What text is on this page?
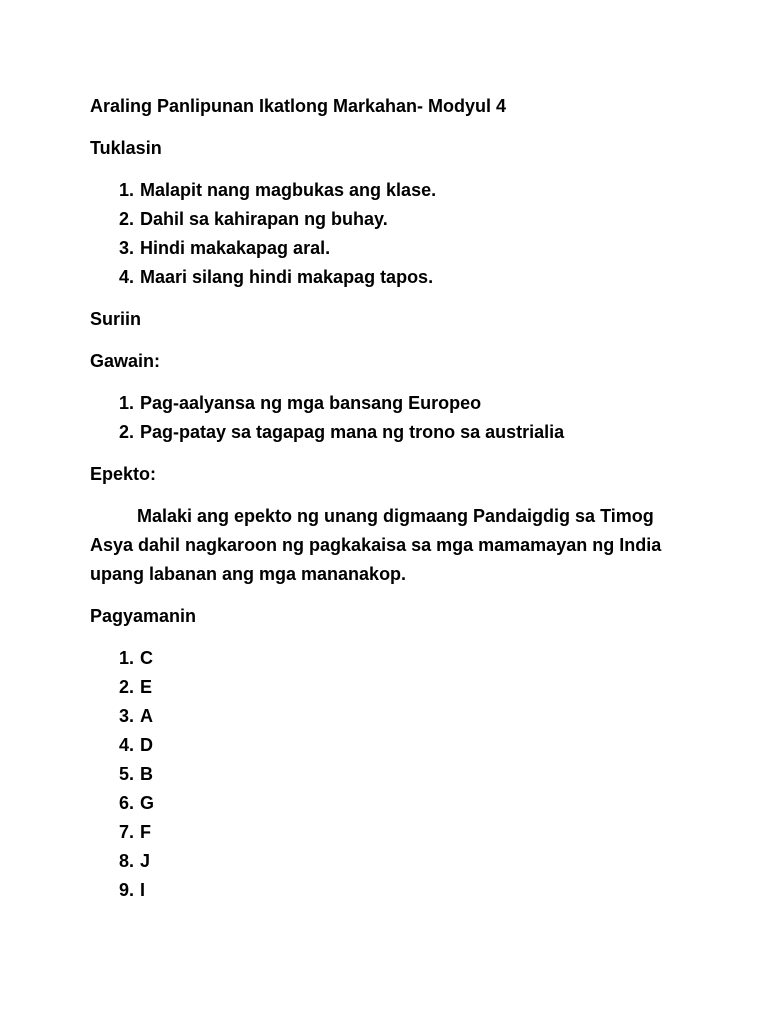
Araling Panlipunan Ikatlong Markahan- Modyul 4
Tuklasin
1. Malapit nang magbukas ang klase.
2. Dahil sa kahirapan ng buhay.
3. Hindi makakapag aral.
4. Maari silang hindi makapag tapos.
Suriin
Gawain:
1. Pag-aalyansa ng mga bansang Europeo
2. Pag-patay sa tagapag mana ng trono sa austrialia
Epekto:
Malaki ang epekto ng unang digmaang Pandaigdig sa Timog Asya dahil nagkaroon ng pagkakaisa sa mga mamamayan ng India upang labanan ang mga mananakop.
Pagyamanin
1. C
2. E
3. A
4. D
5. B
6. G
7. F
8. J
9. I
